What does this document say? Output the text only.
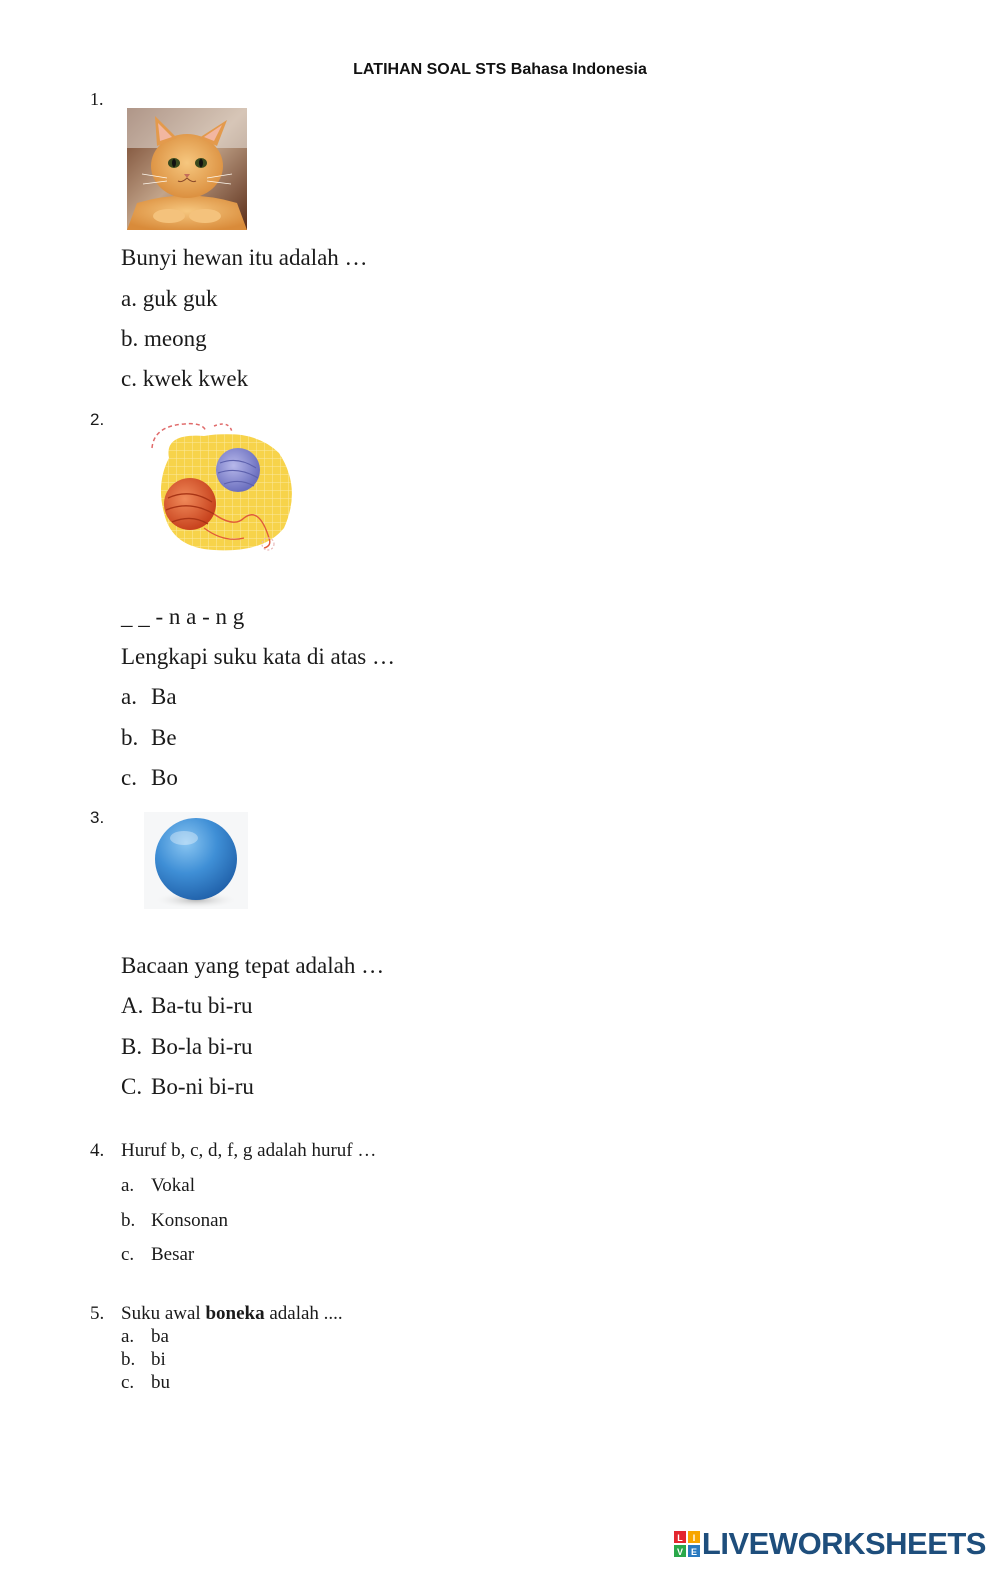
LATIHAN SOAL STS Bahasa Indonesia
1.
Bunyi hewan itu adalah …
a. guk guk
b. meong
c. kwek kwek
2.
_ _ - n a - n g
Lengkapi suku kata di atas …
a. Ba
b. Be
c. Bo
3.
Bacaan yang tepat adalah …
A. Ba-tu bi-ru
B. Bo-la bi-ru
C. Bo-ni bi-ru
4. Huruf b, c, d, f, g adalah huruf …
a. Vokal
b. Konsonan
c. Besar
5. Suku awal boneka adalah ....
a. ba
b. bi
c. bu
L I
V E LIVEWORKSHEETS
